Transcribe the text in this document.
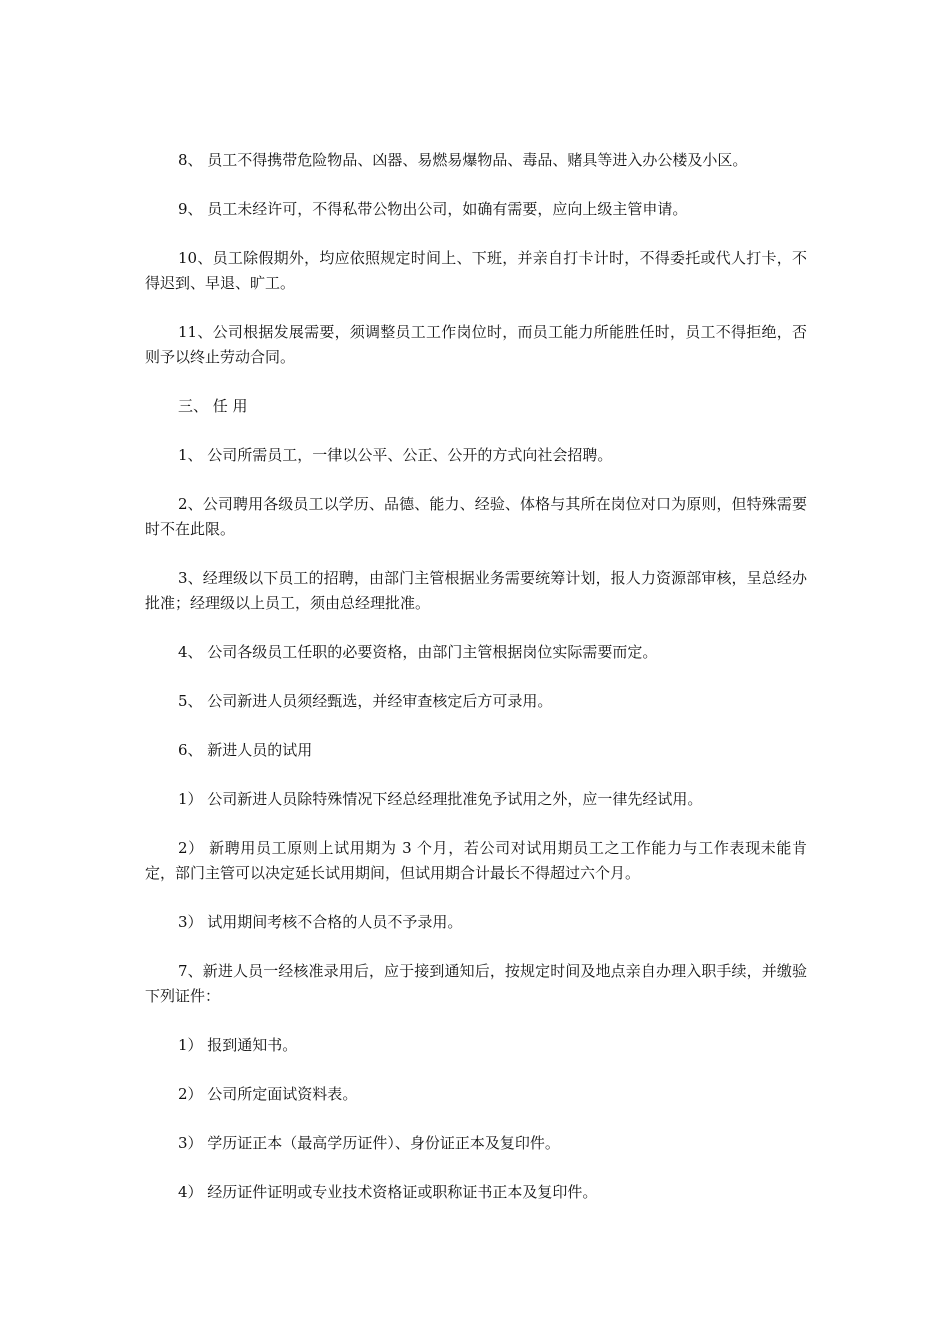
8、 员工不得携带危险物品、凶器、易燃易爆物品、毒品、赌具等进入办公楼及小区。

9、 员工未经许可，不得私带公物出公司，如确有需要，应向上级主管申请。

10、员工除假期外，均应依照规定时间上、下班，并亲自打卡计时，不得委托或代人打卡，不得迟到、早退、旷工。

11、公司根据发展需要，须调整员工工作岗位时，而员工能力所能胜任时，员工不得拒绝，否则予以终止劳动合同。

三、 任 用

1、 公司所需员工，一律以公平、公正、公开的方式向社会招聘。

2、公司聘用各级员工以学历、品德、能力、经验、体格与其所在岗位对口为原则，但特殊需要时不在此限。

3、经理级以下员工的招聘，由部门主管根据业务需要统筹计划，报人力资源部审核，呈总经办批准；经理级以上员工，须由总经理批准。

4、 公司各级员工任职的必要资格，由部门主管根据岗位实际需要而定。

5、 公司新进人员须经甄选，并经审查核定后方可录用。

6、 新进人员的试用

1） 公司新进人员除特殊情况下经总经理批准免予试用之外，应一律先经试用。

2） 新聘用员工原则上试用期为 3 个月，若公司对试用期员工之工作能力与工作表现未能肯定，部门主管可以决定延长试用期间，但试用期合计最长不得超过六个月。

3） 试用期间考核不合格的人员不予录用。

7、新进人员一经核准录用后，应于接到通知后，按规定时间及地点亲自办理入职手续，并缴验下列证件：

1） 报到通知书。

2） 公司所定面试资料表。

3） 学历证正本（最高学历证件）、身份证正本及复印件。

4） 经历证件证明或专业技术资格证或职称证书正本及复印件。
